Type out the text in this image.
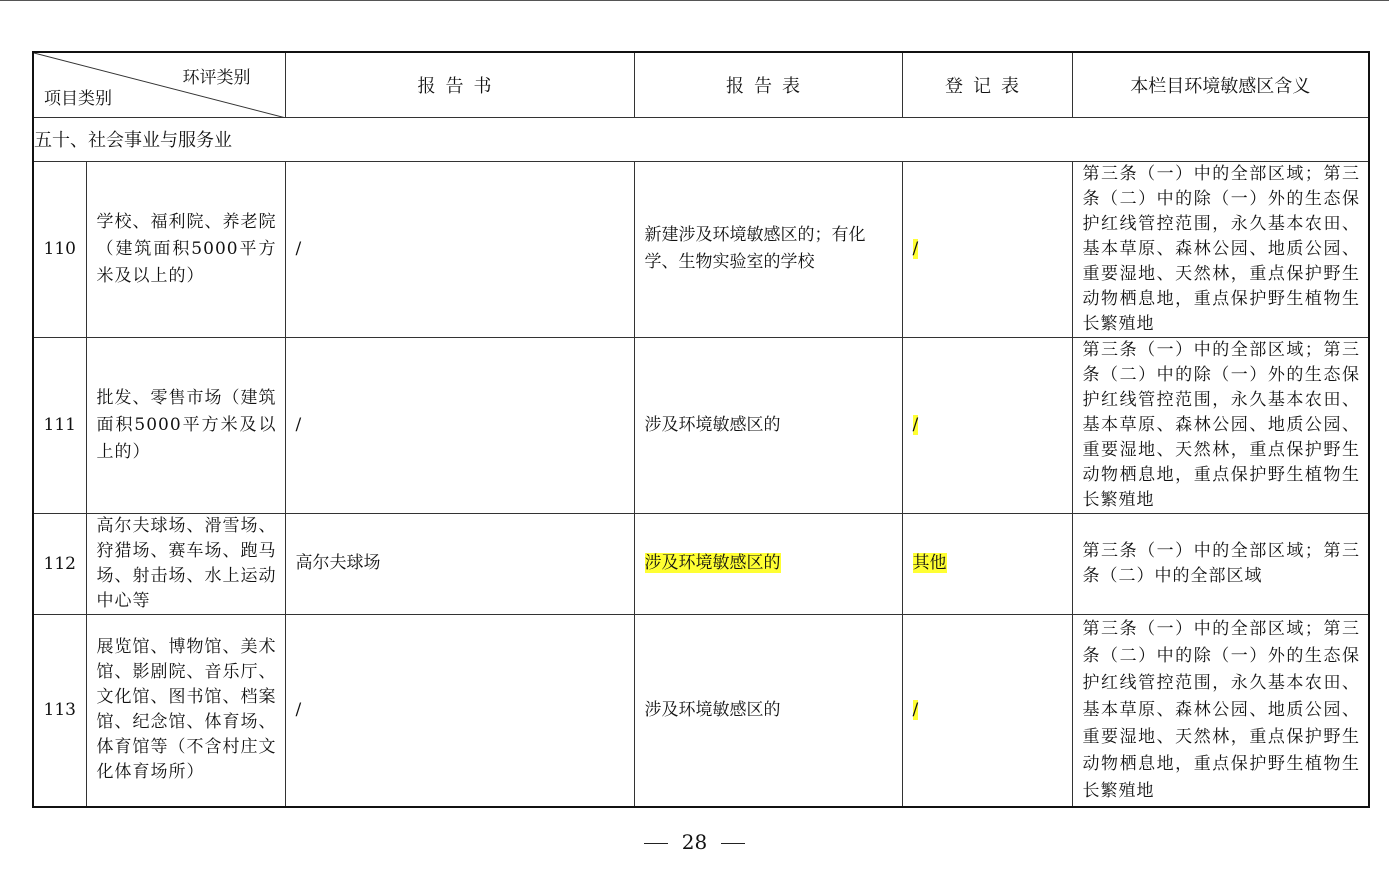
环评类别
项目类别		报告书	报告表	登记表	本栏目环境敏感区含义
五十、社会事业与服务业					
110	学校、福利院、养老院（建筑面积5000平方米及以上的）	/	新建涉及环境敏感区的；有化学、生物实验室的学校	/	第三条（一）中的全部区域；第三条（二）中的除（一）外的生态保护红线管控范围，永久基本农田、基本草原、森林公园、地质公园、重要湿地、天然林，重点保护野生动物栖息地，重点保护野生植物生长繁殖地
111	批发、零售市场（建筑面积5000平方米及以上的）	/	涉及环境敏感区的	/	第三条（一）中的全部区域；第三条（二）中的除（一）外的生态保护红线管控范围，永久基本农田、基本草原、森林公园、地质公园、重要湿地、天然林，重点保护野生动物栖息地，重点保护野生植物生长繁殖地
112	高尔夫球场、滑雪场、狩猎场、赛车场、跑马场、射击场、水上运动中心等	高尔夫球场	涉及环境敏感区的	其他	第三条（一）中的全部区域；第三条（二）中的全部区域
113	展览馆、博物馆、美术馆、影剧院、音乐厅、文化馆、图书馆、档案馆、纪念馆、体育场、体育馆等（不含村庄文化体育场所）	/	涉及环境敏感区的	/	第三条（一）中的全部区域；第三条（二）中的除（一）外的生态保护红线管控范围，永久基本农田、基本草原、森林公园、地质公园、重要湿地、天然林，重点保护野生动物栖息地，重点保护野生植物生长繁殖地
28
